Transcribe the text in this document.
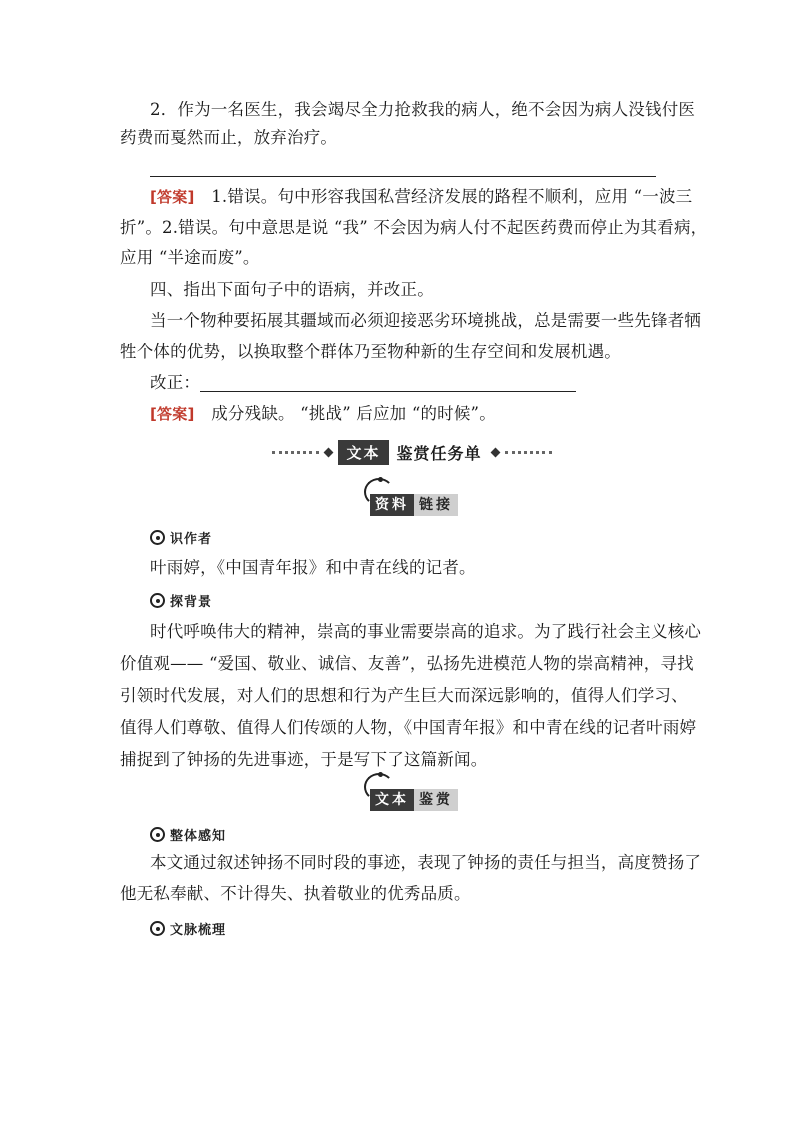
2．作为一名医生，我会竭尽全力抢救我的病人，绝不会因为病人没钱付医
药费而戛然而止，放弃治疗。
[答案]　1.错误。句中形容我国私营经济发展的路程不顺利，应用 “一波三
折”。2.错误。句中意思是说 “我” 不会因为病人付不起医药费而停止为其看病，
应用 “半途而废”。
四、指出下面句子中的语病，并改正。
当一个物种要拓展其疆域而必须迎接恶劣环境挑战，总是需要一些先锋者牺
牲个体的优势，以换取整个群体乃至物种新的生存空间和发展机遇。
改正：
[答案]　成分残缺。 “挑战” 后应加 “的时候”。
文本	鉴赏任务单
资料 链接
识作者
叶雨婷，《中国青年报》和中青在线的记者。
探背景
时代呼唤伟大的精神，崇高的事业需要崇高的追求。为了践行社会主义核心
价值观—— “爱国、敬业、诚信、友善”，弘扬先进模范人物的崇高精神，寻找
引领时代发展，对人们的思想和行为产生巨大而深远影响的，值得人们学习、
值得人们尊敬、值得人们传颂的人物，《中国青年报》和中青在线的记者叶雨婷
捕捉到了钟扬的先进事迹，于是写下了这篇新闻。
文本 鉴赏
整体感知
本文通过叙述钟扬不同时段的事迹，表现了钟扬的责任与担当，高度赞扬了
他无私奉献、不计得失、执着敬业的优秀品质。
文脉梳理
